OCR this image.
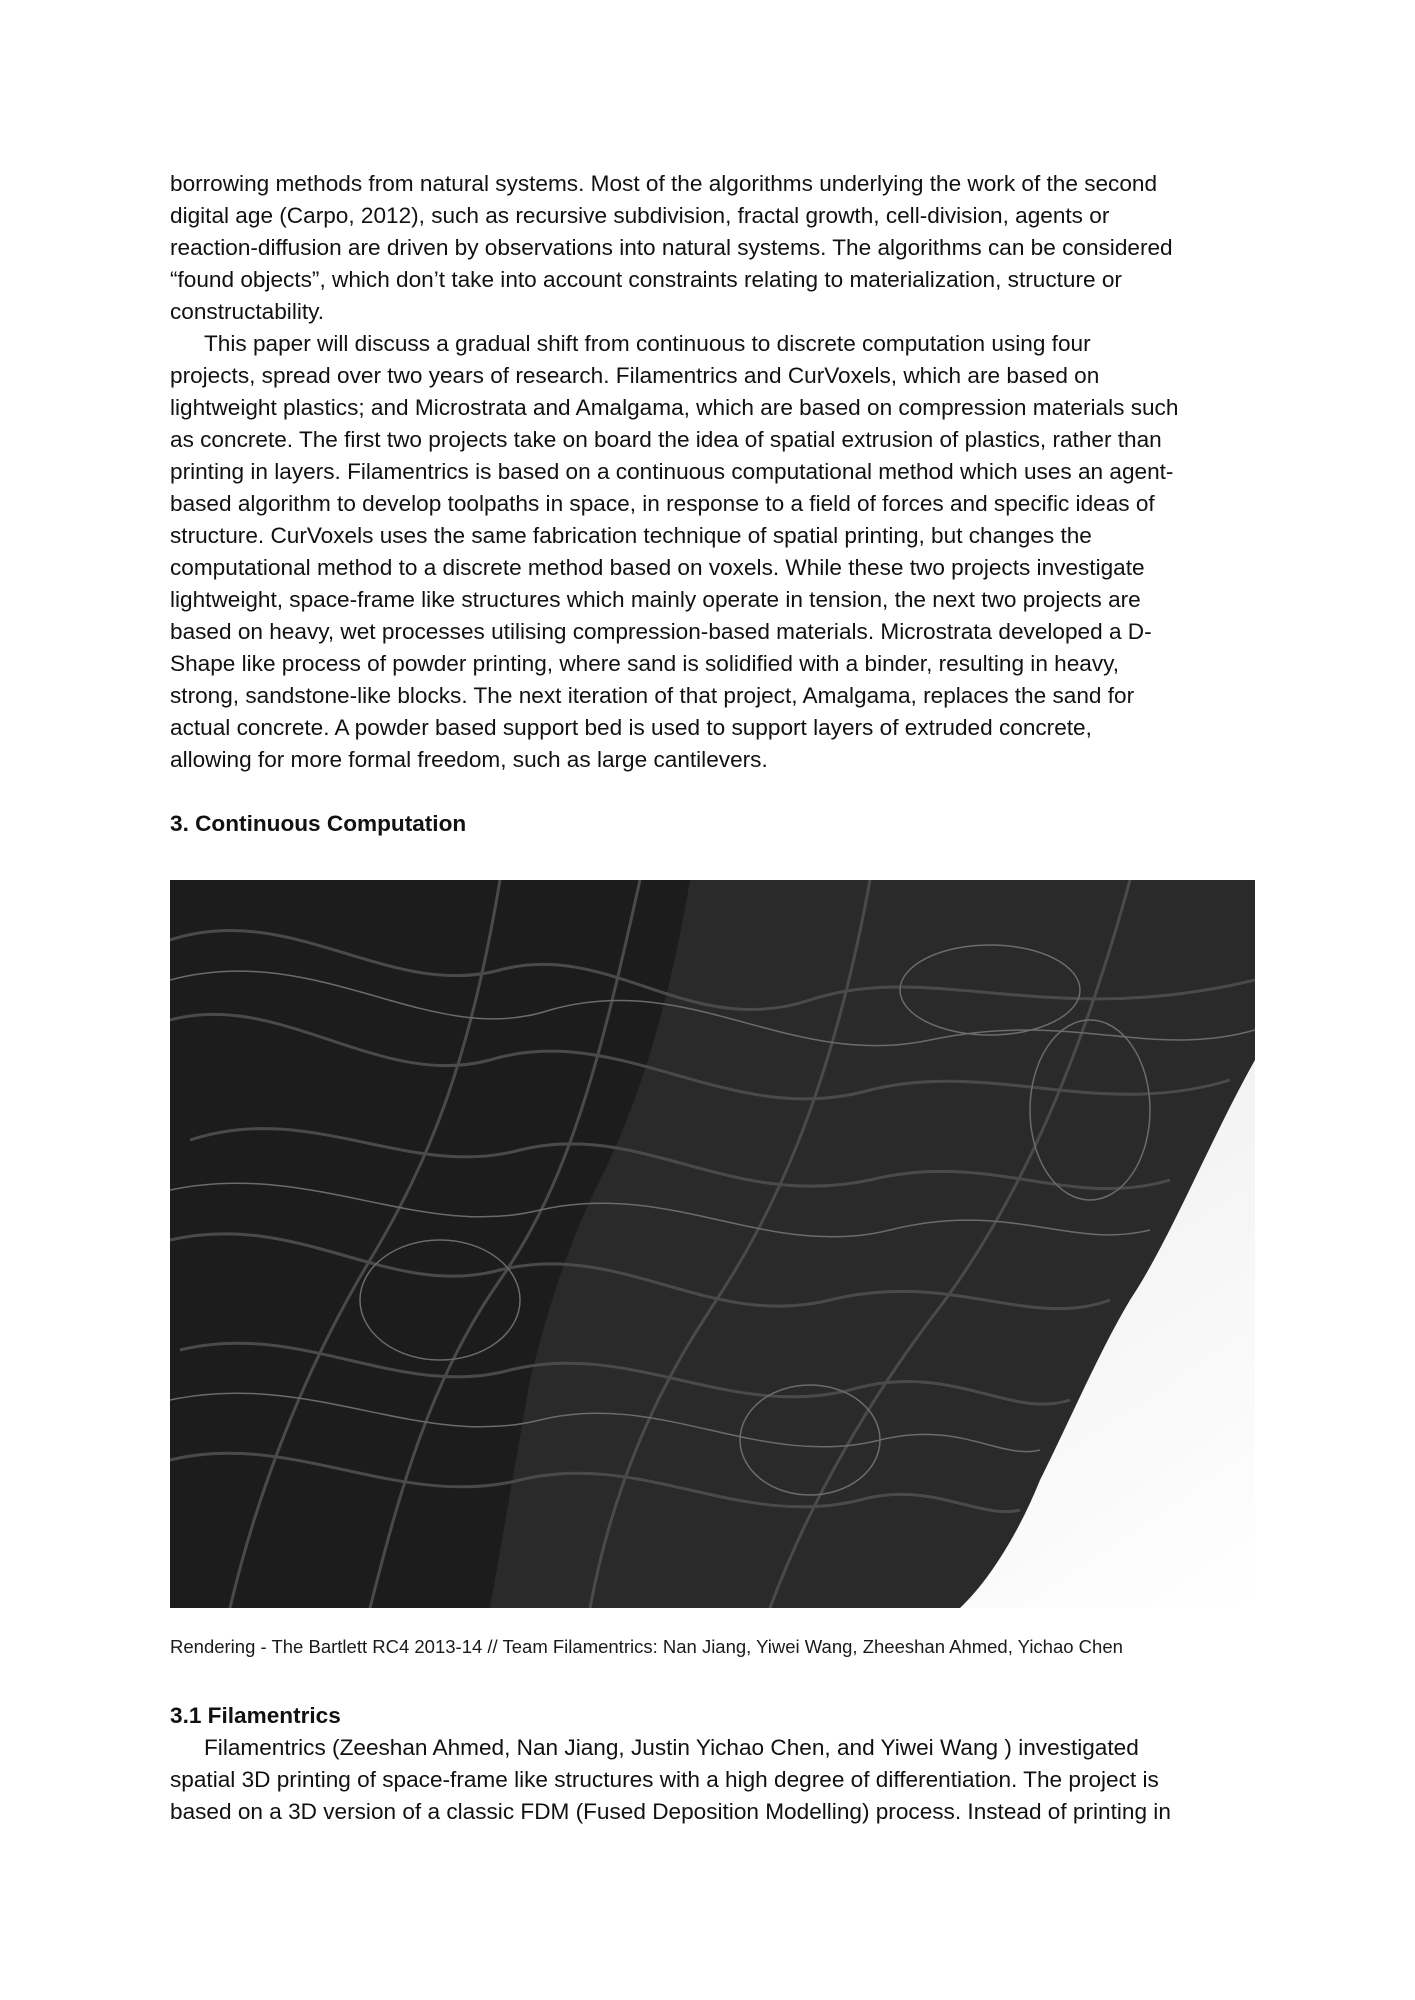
borrowing methods from natural systems. Most of the algorithms underlying the work of the second
digital age (Carpo, 2012), such as recursive subdivision, fractal growth, cell-division, agents or
reaction-diffusion are driven by observations into natural systems. The algorithms can be considered
“found objects”, which don’t take into account constraints relating to materialization, structure or
constructability.

This paper will discuss a gradual shift from continuous to discrete computation using four
projects, spread over two years of research. Filamentrics and CurVoxels, which are based on
lightweight plastics; and Microstrata and Amalgama, which are based on compression materials such
as concrete. The first two projects take on board the idea of spatial extrusion of plastics, rather than
printing in layers. Filamentrics is based on a continuous computational method which uses an agent-
based algorithm to develop toolpaths in space, in response to a field of forces and specific ideas of
structure. CurVoxels uses the same fabrication technique of spatial printing, but changes the
computational method to a discrete method based on voxels. While these two projects investigate
lightweight, space-frame like structures which mainly operate in tension, the next two projects are
based on heavy, wet processes utilising compression-based materials. Microstrata developed a D-
Shape like process of powder printing, where sand is solidified with a binder, resulting in heavy,
strong, sandstone-like blocks. The next iteration of that project, Amalgama, replaces the sand for
actual concrete. A powder based support bed is used to support layers of extruded concrete,
allowing for more formal freedom, such as large cantilevers.

3. Continuous Computation
Rendering - The Bartlett RC4 2013-14 // Team Filamentrics: Nan Jiang, Yiwei Wang, Zheeshan Ahmed, Yichao Chen
3.1 Filamentrics

Filamentrics (Zeeshan Ahmed, Nan Jiang, Justin Yichao Chen, and Yiwei Wang ) investigated
spatial 3D printing of space-frame like structures with a high degree of differentiation. The project is
based on a 3D version of a classic FDM (Fused Deposition Modelling) process. Instead of printing in
